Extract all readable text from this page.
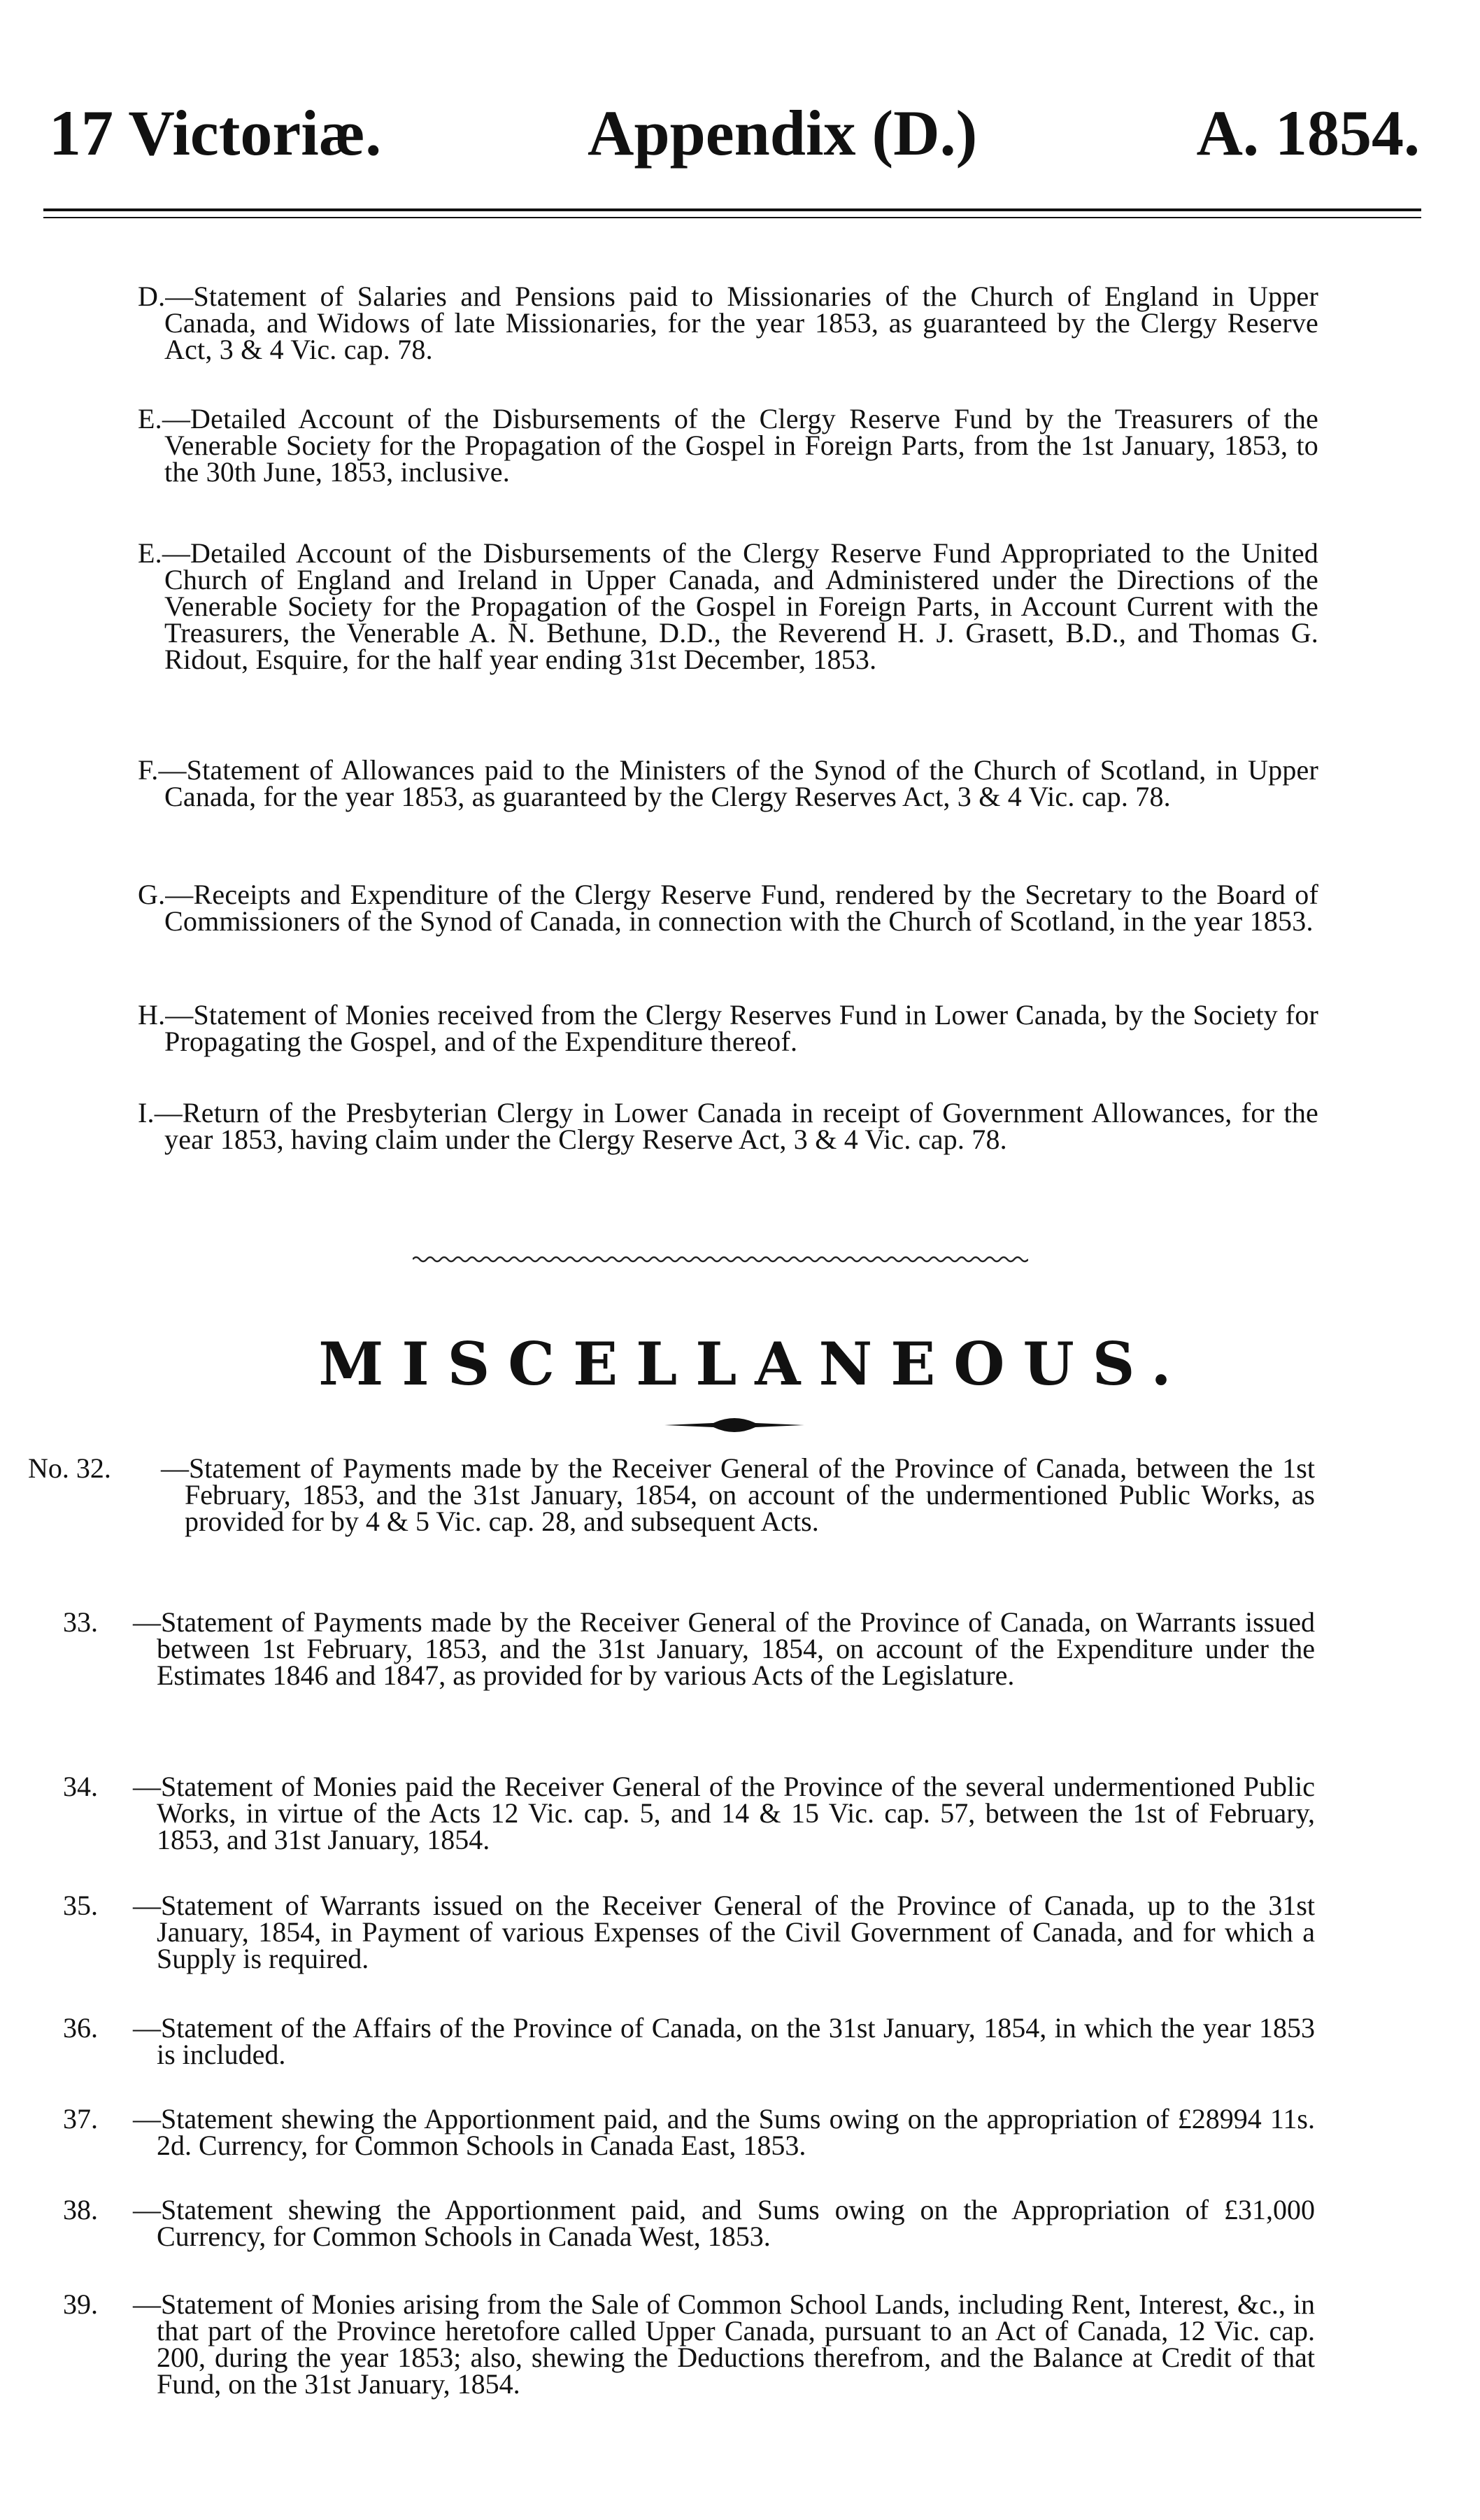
17 Victoriæ.	Appendix (D.)	A. 1854.
D.—Statement of Salaries and Pensions paid to Missionaries of the Church of England in Upper Canada, and Widows of late Missionaries, for the year 1853, as guaranteed by the Clergy Reserve Act, 3 & 4 Vic. cap. 78.
E.—Detailed Account of the Disbursements of the Clergy Reserve Fund by the Treasurers of the Venerable Society for the Propagation of the Gospel in Foreign Parts, from the 1st January, 1853, to the 30th June, 1853, inclusive.
E.—Detailed Account of the Disbursements of the Clergy Reserve Fund Appropriated to the United Church of England and Ireland in Upper Canada, and Administered under the Directions of the Venerable Society for the Propagation of the Gospel in Foreign Parts, in Account Current with the Treasurers, the Venerable A. N. Bethune, D.D., the Reverend H. J. Grasett, B.D., and Thomas G. Ridout, Esquire, for the half year ending 31st December, 1853.
F.—Statement of Allowances paid to the Ministers of the Synod of the Church of Scotland, in Upper Canada, for the year 1853, as guaranteed by the Clergy Reserves Act, 3 & 4 Vic. cap. 78.
G.—Receipts and Expenditure of the Clergy Reserve Fund, rendered by the Secretary to the Board of Commissioners of the Synod of Canada, in connection with the Church of Scotland, in the year 1853.
H.—Statement of Monies received from the Clergy Reserves Fund in Lower Canada, by the Society for Propagating the Gospel, and of the Expenditure thereof.
I.—Return of the Presbyterian Clergy in Lower Canada in receipt of Government Allowances, for the year 1853, having claim under the Clergy Reserve Act, 3 & 4 Vic. cap. 78.
MISCELLANEOUS.
No. 32. —Statement of Payments made by the Receiver General of the Province of Canada, between the 1st February, 1853, and the 31st January, 1854, on account of the undermentioned Public Works, as provided for by 4 & 5 Vic. cap. 28, and subsequent Acts.
33. —Statement of Payments made by the Receiver General of the Province of Canada, on Warrants issued between 1st February, 1853, and the 31st January, 1854, on account of the Expenditure under the Estimates 1846 and 1847, as provided for by various Acts of the Legislature.
34. —Statement of Monies paid the Receiver General of the Province of the several undermentioned Public Works, in virtue of the Acts 12 Vic. cap. 5, and 14 & 15 Vic. cap. 57, between the 1st of February, 1853, and 31st January, 1854.
35. —Statement of Warrants issued on the Receiver General of the Province of Canada, up to the 31st January, 1854, in Payment of various Expenses of the Civil Government of Canada, and for which a Supply is required.
36. —Statement of the Affairs of the Province of Canada, on the 31st January, 1854, in which the year 1853 is included.
37. —Statement shewing the Apportionment paid, and the Sums owing on the appropriation of £28994 11s. 2d. Currency, for Common Schools in Canada East, 1853.
38. —Statement shewing the Apportionment paid, and Sums owing on the Appropriation of £31,000 Currency, for Common Schools in Canada West, 1853.
39. —Statement of Monies arising from the Sale of Common School Lands, including Rent, Interest, &c., in that part of the Province heretofore called Upper Canada, pursuant to an Act of Canada, 12 Vic. cap. 200, during the year 1853; also, shewing the Deductions therefrom, and the Balance at Credit of that Fund, on the 31st January, 1854.
